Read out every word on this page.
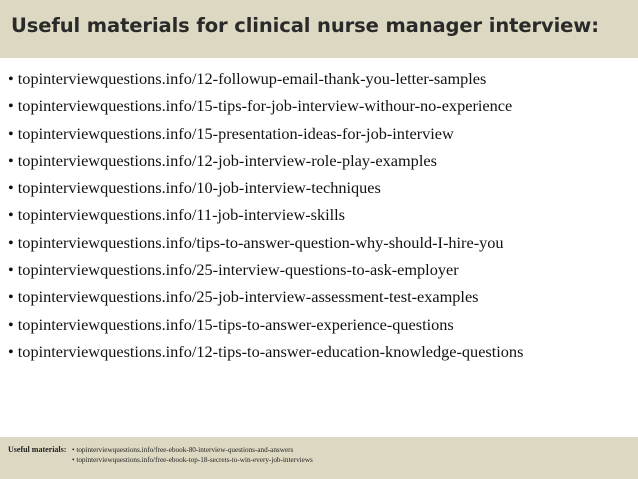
Useful materials for clinical nurse manager interview:
• topinterviewquestions.info/12-followup-email-thank-you-letter-samples
• topinterviewquestions.info/15-tips-for-job-interview-withour-no-experience
• topinterviewquestions.info/15-presentation-ideas-for-job-interview
• topinterviewquestions.info/12-job-interview-role-play-examples
• topinterviewquestions.info/10-job-interview-techniques
• topinterviewquestions.info/11-job-interview-skills
• topinterviewquestions.info/tips-to-answer-question-why-should-I-hire-you
• topinterviewquestions.info/25-interview-questions-to-ask-employer
• topinterviewquestions.info/25-job-interview-assessment-test-examples
• topinterviewquestions.info/15-tips-to-answer-experience-questions
• topinterviewquestions.info/12-tips-to-answer-education-knowledge-questions
Useful materials: • topinterviewquestions.info/free-ebook-80-interview-questions-and-answers
• topinterviewquestions.info/free-ebook-top-18-secrets-to-win-every-job-interviews
